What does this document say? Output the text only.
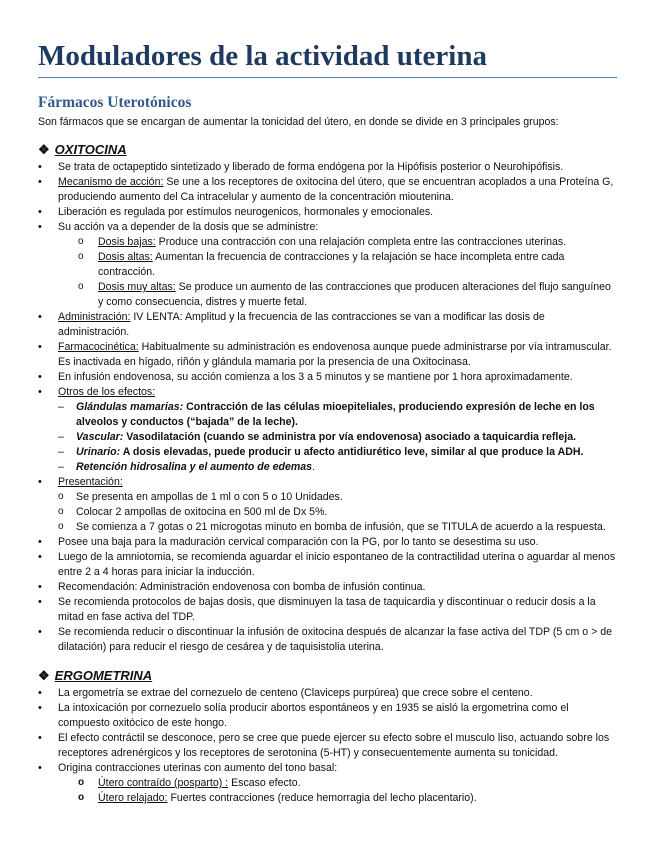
Moduladores de la actividad uterina
Fármacos Uterotónicos

Son fármacos que se encargan de aumentar la tonicidad del útero, en donde se divide en 3 principales grupos:

❖ OXITOCINA
• Se trata de octapeptido sintetizado y liberado de forma endógena por la Hipófisis posterior o Neurohipófisis.
• Mecanismo de acción: Se une a los receptores de oxitocina del útero, que se encuentran acoplados a una Proteína G, produciendo aumento del Ca intracelular y aumento de la concentración mioutenina.
• Liberación es regulada por estímulos neurogenicos, hormonales y emocionales.
• Su acción va a depender de la dosis que se administre:
o Dosis bajas: Produce una contracción con una relajación completa entre las contracciones uterinas.
o Dosis altas: Aumentan la frecuencia de contracciones y la relajación se hace incompleta entre cada contracción.
o Dosis muy altas: Se produce un aumento de las contracciones que producen alteraciones del flujo sanguíneo y como consecuencia, distres y muerte fetal.
• Administración: IV LENTA: Amplitud y la frecuencia de las contracciones se van a modificar las dosis de administración.
• Farmacocinética: Habitualmente su administración es endovenosa aunque puede administrarse por vía intramuscular. Es inactivada en hígado, riñón y glándula mamaria por la presencia de una Oxitocinasa.
• En infusión endovenosa, su acción comienza a los 3 a 5 minutos y se mantiene por 1 hora aproximadamente.
• Otros de los efectos:
– Glándulas mamarias: Contracción de las células mioepiteliales, produciendo expresión de leche en los alveolos y conductos (“bajada” de la leche).
– Vascular: Vasodilatación (cuando se administra por vía endovenosa) asociado a taquicardia refleja.
– Urinario: A dosis elevadas, puede producir u afecto antidiurético leve, similar al que produce la ADH.
– Retención hidrosalina y el aumento de edemas.
• Presentación:
o Se presenta en ampollas de 1 ml o con 5 o 10 Unidades.
o Colocar 2 ampollas de oxitocina en 500 ml de Dx 5%.
o Se comienza a 7 gotas o 21 microgotas minuto en bomba de infusión, que se TITULA de acuerdo a la respuesta.
• Posee una baja para la maduración cervical comparación con la PG, por lo tanto se desestima su uso.
• Luego de la amniotomia, se recomienda aguardar el inicio espontaneo de la contractilidad uterina o aguardar al menos entre 2 a 4 horas para iniciar la inducción.
• Recomendación: Administración endovenosa con bomba de infusión continua.
• Se recomienda protocolos de bajas dosis, que disminuyen la tasa de taquicardia y discontinuar o reducir dosis a la mitad en fase activa del TDP.
• Se recomienda reducir o discontinuar la infusión de oxitocina después de alcanzar la fase activa del TDP (5 cm o > de dilatación) para reducir el riesgo de cesárea y de taquisistolia uterina.
❖ ERGOMETRINA
• La ergometría se extrae del cornezuelo de centeno (Claviceps purpúrea) que crece sobre el centeno.
• La intoxicación por cornezuelo solía producir abortos espontáneos y en 1935 se aisló la ergometrina como el compuesto oxitócico de este hongo.
• El efecto contráctil se desconoce, pero se cree que puede ejercer su efecto sobre el musculo liso, actuando sobre los receptores adrenérgicos y los receptores de serotonina (5-HT) y consecuentemente aumenta su tonicidad.
• Origina contracciones uterinas con aumento del tono basal:
o Útero contraído (posparto) : Escaso efecto.
o Útero relajado: Fuertes contracciones (reduce hemorragia del lecho placentario).
